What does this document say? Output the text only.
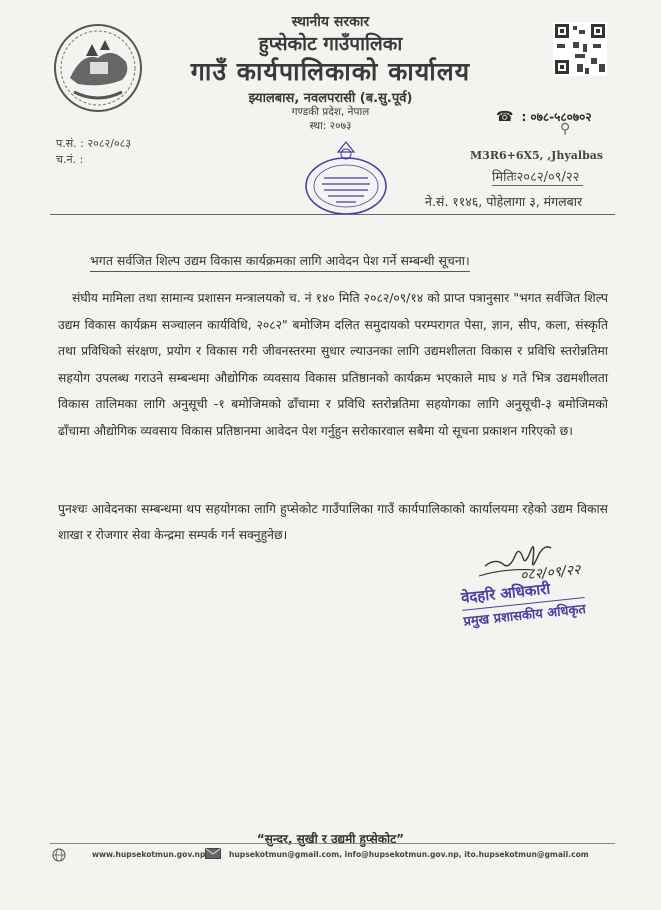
स्थानीय सरकार
हुप्सेकोट गाउँपालिका
गाउँ कार्यपालिकाको कार्यालय
झ्यालबास, नवलपरासी (ब.सु.पूर्व)
गण्डकी प्रदेश, नेपाल
स्था: २०७३
☎ : ०७८-५८०७०२
⚲
प.सं. : २०८२/०८३
च.नं. :	M3R6+6X5, ,Jhyalbas
मितिः२०८२/०९/२२
ने.सं. ११४६, पोहेलागा ३, मंगलबार
भगत सर्वजित शिल्प उद्यम विकास कार्यक्रमका लागि आवेदन पेश गर्ने सम्बन्धी सूचना।
संघीय मामिला तथा सामान्य प्रशासन मन्त्रालयको च. नं १४० मिति २०८२/०९/१४ को प्राप्त पत्रानुसार "भगत सर्वजित शिल्प उद्यम विकास कार्यक्रम सञ्चालन कार्यविधि, २०८२" बमोजिम दलित समुदायको परम्परागत पेसा, ज्ञान, सीप, कला, संस्कृति तथा प्रविधिको संरक्षण, प्रयोग र विकास गरी जीवनस्तरमा सुधार ल्याउनका लागि उद्यमशीलता विकास र प्रविधि स्तरोन्नतिमा सहयोग उपलब्ध गराउने सम्बन्धमा औद्योगिक व्यवसाय विकास प्रतिष्ठानको कार्यक्रम भएकाले माघ ४ गते भित्र उद्यमशीलता विकास तालिमका लागि अनुसूची -१ बमोजिमको ढाँचामा र प्रविधि स्तरोन्नतिमा सहयोगका लागि अनुसूची-३ बमोजिमको ढाँचामा औद्योगिक व्यवसाय विकास प्रतिष्ठानमा आवेदन पेश गर्नुहुन सरोकारवाल सबैमा यो सूचना प्रकाशन गरिएको छ।
पुनश्चः आवेदनका सम्बन्धमा थप सहयोगका लागि हुप्सेकोट गाउँपालिका गाउँ कार्यपालिकाको कार्यालयमा रहेको उद्यम विकास शाखा र रोजगार सेवा केन्द्रमा सम्पर्क गर्न सक्नुहुनेछ।
०८२/०९/२२
वेदहरि अधिकारी
प्रमुख प्रशासकीय अधिकृत
“सुन्दर, सुखी र उद्यमी हुप्सेकोट”
www.hupsekotmun.gov.np	hupsekotmun@gmail.com, info@hupsekotmun.gov.np, ito.hupsekotmun@gmail.com
